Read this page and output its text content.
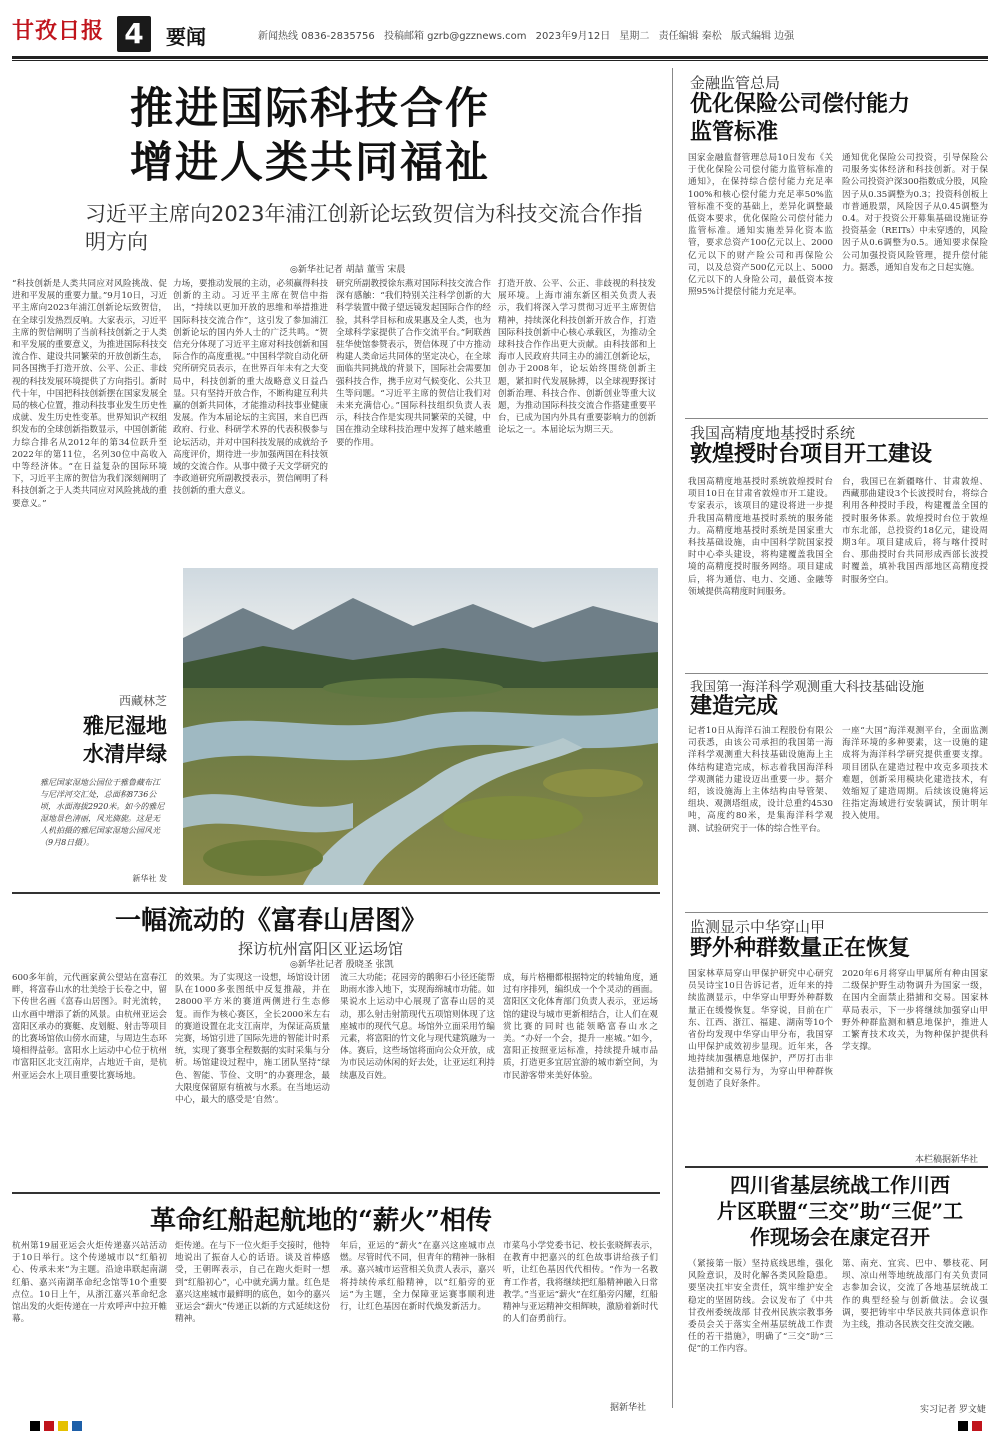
甘孜日报 4	要闻	新闻热线 0836-2835756 投稿邮箱 gzrb@gzznews.com 2023年9月12日 星期二 责任编辑 秦松 版式编辑 边强
推进国际科技合作
增进人类共同福祉
习近平主席向2023年浦江创新论坛致贺信为科技交流合作指明方向
◎新华社记者 胡喆 董雪 宋晨
“科技创新是人类共同应对风险挑战、促进和平发展的重要力量。”9月10日，习近平主席向2023年浦江创新论坛致贺信，在全球引发热烈反响。大家表示，习近平主席的贺信阐明了当前科技创新之于人类和平发展的重要意义，为推进国际科技交流合作、建设共同繁荣的开放创新生态，同各国携手打造开放、公平、公正、非歧视的科技发展环境提供了方向指引。新时代十年，中国把科技创新摆在国家发展全局的核心位置，推动科技事业发生历史性成就、发生历史性变革。世界知识产权组织发布的全球创新指数显示，中国创新能力综合排名从2012年的第34位跃升至2022年的第11位，名列30位中高收入中等经济体。“在日益复杂的国际环境下，习近平主席的贺信为我们深刻阐明了科技创新之于人类共同应对风险挑战的重要意义。”
力场，要推动发展的主动，必须赢得科技创新的主动。习近平主席在贺信中指出，“持续以更加开放的思维和举措推进国际科技交流合作”，这引发了参加浦江创新论坛的国内外人士的广泛共鸣。“贺信充分体现了习近平主席对科技创新和国际合作的高度重视。”中国科学院自动化研究所研究员表示，在世界百年未有之大变局中，科技创新的重大战略意义日益凸显。只有坚持开放合作，不断构建互利共赢的创新共同体，才能推动科技事业健康发展。作为本届论坛的主宾国，来自巴西政府、行业、科研学术界的代表积极参与论坛活动，并对中国科技发展的成就给予高度评价，期待进一步加强两国在科技领域的交流合作。从事中微子天文学研究的李政道研究所副教授表示，贺信阐明了科技创新的重大意义。
研究所副教授徐东燕对国际科技交流合作深有感触：“我们特别关注科学创新的大科学装置中微子望远镜发起国际合作的经验，其科学目标和成果惠及全人类，也为全球科学家提供了合作交流平台。”阿联酋驻华使馆参赞表示，贺信体现了中方推动构建人类命运共同体的坚定决心，在全球面临共同挑战的背景下，国际社会需要加强科技合作，携手应对气候变化、公共卫生等问题。“习近平主席的贺信让我们对未来充满信心。”国际科技组织负责人表示，科技合作是实现共同繁荣的关键，中国在推动全球科技治理中发挥了越来越重要的作用。
打造开放、公平、公正、非歧视的科技发展环境。上海市浦东新区相关负责人表示，我们将深入学习贯彻习近平主席贺信精神，持续深化科技创新开放合作，打造国际科技创新中心核心承载区，为推动全球科技合作作出更大贡献。由科技部和上海市人民政府共同主办的浦江创新论坛，创办于2008年，论坛始终围绕创新主题，紧扣时代发展脉搏，以全球视野探讨创新治理、科技合作、创新创业等重大议题，为推动国际科技交流合作搭建重要平台，已成为国内外具有重要影响力的创新论坛之一。本届论坛为期三天。
西藏林芝
雅尼湿地
水清岸绿
雅尼国家湿地公园位于雅鲁藏布江与尼洋河交汇处，总面积8736公顷，水面海拔2920米。如今的雅尼湿地景色清丽，风光旖旎。这是无人机拍摄的雅尼国家湿地公园风光（9月8日摄）。
新华社 发
一幅流动的《富春山居图》
探访杭州富阳区亚运场馆
◎新华社记者 殷晓圣 张凯
600多年前，元代画家黄公望站在富春江畔，将富春山水的壮美绘于长卷之中，留下传世名画《富春山居图》。时光流转，山水画中增添了新的风景。由杭州亚运会富阳区承办的赛艇、皮划艇、射击等项目的比赛场馆依山傍水而建，与周边生态环境相得益彰。富阳水上运动中心位于杭州市富阳区北支江南岸，占地近千亩，是杭州亚运会水上项目重要比赛场地。
的效果。为了实现这一设想，场馆设计团队在1000多张图纸中反复推敲，并在28000平方米的赛道两侧进行生态修复。而作为核心赛区，全长2000米左右的赛道设置在北支江南岸，为保证高质量完赛，场馆引进了国际先进的智能计时系统，实现了赛事全程数据的实时采集与分析。场馆建设过程中，施工团队坚持“绿色、智能、节俭、文明”的办赛理念，最大限度保留原有植被与水系。在当地运动中心，最大的感受是‘自然’。
流三大功能；花园旁的鹅卵石小径还能帮助雨水渗入地下，实现海绵城市功能。如果说水上运动中心展现了富春山居的灵动，那么射击射箭现代五项馆则体现了这座城市的现代气息。场馆外立面采用竹编元素，将富阳的竹文化与现代建筑融为一体。赛后，这些场馆将面向公众开放，成为市民运动休闲的好去处，让亚运红利持续惠及百姓。
成，每片格栅都根据特定的转轴角度，通过有序排列，编织成一个个灵动的画面。富阳区文化体育部门负责人表示，亚运场馆的建设与城市更新相结合，让人们在观赏比赛的同时也能领略富春山水之美。“办好一个会，提升一座城。”如今，富阳正按照亚运标准，持续提升城市品质，打造更多宜居宜游的城市新空间，为市民游客带来美好体验。
革命红船起航地的“薪火”相传
杭州第19届亚运会火炬传递嘉兴站活动于10日举行。这个传递城市以“红船初心、传承未来”为主题。沿途串联起南湖红船、嘉兴南湖革命纪念馆等10个重要点位。10日上午，从浙江嘉兴革命纪念馆出发的火炬传递在一片欢呼声中拉开帷幕。
炬传递。在与下一位火炬手交接时，他特地说出了振奋人心的话语。谈及首棒感受，王朝晖表示，自己在跑火炬时一想到“红船初心”，心中就充满力量。红色是嘉兴这座城市最鲜明的底色，如今的嘉兴亚运会“薪火”传递正以新的方式延续这份精神。
年后，亚运的“薪火”在嘉兴这座城市点燃。尽管时代不同，但青年的精神一脉相承。嘉兴城市运营相关负责人表示，嘉兴将持续传承红船精神，以“红船旁的亚运”为主题，全力保障亚运赛事顺利进行，让红色基因在新时代焕发新活力。
市菜鸟小学党委书记、校长张晓辉表示，在教育中把嘉兴的红色故事讲给孩子们听，让红色基因代代相传。“作为一名教育工作者，我将继续把红船精神融入日常教学。”当亚运“薪火”在红船旁闪耀，红船精神与亚运精神交相辉映，激励着新时代的人们奋勇前行。
据新华社
金融监管总局
优化保险公司偿付能力
监管标准
国家金融监督管理总局10日发布《关于优化保险公司偿付能力监管标准的通知》，在保持综合偿付能力充足率100%和核心偿付能力充足率50%监管标准不变的基础上，差异化调整最低资本要求，优化保险公司偿付能力监管标准。通知实施差异化资本监管，要求总资产100亿元以上、2000亿元以下的财产险公司和再保险公司，以及总资产500亿元以上、5000亿元以下的人身险公司，最低资本按照95%计提偿付能力充足率。
通知优化保险公司投资，引导保险公司服务实体经济和科技创新。对于保险公司投资沪深300指数成分股，风险因子从0.35调整为0.3；投资科创板上市普通股票，风险因子从0.45调整为0.4。对于投资公开募集基础设施证券投资基金（REITs）中未穿透的，风险因子从0.6调整为0.5。通知要求保险公司加强投资风险管理，提升偿付能力。据悉，通知自发布之日起实施。
我国高精度地基授时系统
敦煌授时台项目开工建设
我国高精度地基授时系统敦煌授时台项目10日在甘肃省敦煌市开工建设。专家表示，该项目的建设将进一步提升我国高精度地基授时系统的服务能力。高精度地基授时系统是国家重大科技基础设施，由中国科学院国家授时中心牵头建设，将构建覆盖我国全境的高精度授时服务网络。项目建成后，将为通信、电力、交通、金融等领域提供高精度时间服务。
台，我国已在新疆喀什、甘肃敦煌、西藏那曲建设3个长波授时台，将综合利用各种授时手段，构建覆盖全国的授时服务体系。敦煌授时台位于敦煌市东北部，总投资约18亿元，建设周期3年。项目建成后，将与喀什授时台、那曲授时台共同形成西部长波授时覆盖，填补我国西部地区高精度授时服务空白。
我国第一海洋科学观测重大科技基础设施
建造完成
记者10日从海洋石油工程股份有限公司获悉，由该公司承担的我国第一海洋科学观测重大科技基础设施海上主体结构建造完成，标志着我国海洋科学观测能力建设迈出重要一步。据介绍，该设施海上主体结构由导管架、组块、观测塔组成，设计总重约4530吨，高度约80米，是集海洋科学观测、试验研究于一体的综合性平台。
一座“大国”海洋观测平台，全面监测海洋环境的多种要素，这一设施的建成将为海洋科学研究提供重要支撑。项目团队在建造过程中攻克多项技术难题，创新采用模块化建造技术，有效缩短了建造周期。后续该设施将运往指定海域进行安装调试，预计明年投入使用。
监测显示中华穿山甲
野外种群数量正在恢复
国家林草局穿山甲保护研究中心研究员吴诗宝10日告诉记者，近年来的持续监测显示，中华穿山甲野外种群数量正在缓慢恢复。华穿说，目前在广东、江西、浙江、福建、湖南等10个省份均发现中华穿山甲分布，我国穿山甲保护成效初步显现。近年来，各地持续加强栖息地保护，严厉打击非法猎捕和交易行为，为穿山甲种群恢复创造了良好条件。
2020年6月将穿山甲属所有种由国家二级保护野生动物调升为国家一级，在国内全面禁止猎捕和交易。国家林草局表示，下一步将继续加强穿山甲野外种群监测和栖息地保护，推进人工繁育技术攻关，为物种保护提供科学支撑。
本栏稿据新华社
四川省基层统战工作川西
片区联盟“三交”助“三促”工
作现场会在康定召开
（紧接第一版）坚持底线思维，强化风险意识，及时化解各类风险隐患。要坚决扛牢安全责任，筑牢维护安全稳定的坚固防线。会议发布了《中共甘孜州委统战部 甘孜州民族宗教事务委员会关于落实全州基层统战工作责任的若干措施》，明确了“三交”助“三促”的工作内容。
第、南充、宜宾、巴中、攀枝花、阿坝、凉山州等地统战部门有关负责同志参加会议，交流了各地基层统战工作的典型经验与创新做法。会议强调，要把铸牢中华民族共同体意识作为主线，推动各民族交往交流交融。
实习记者 罗文婕
